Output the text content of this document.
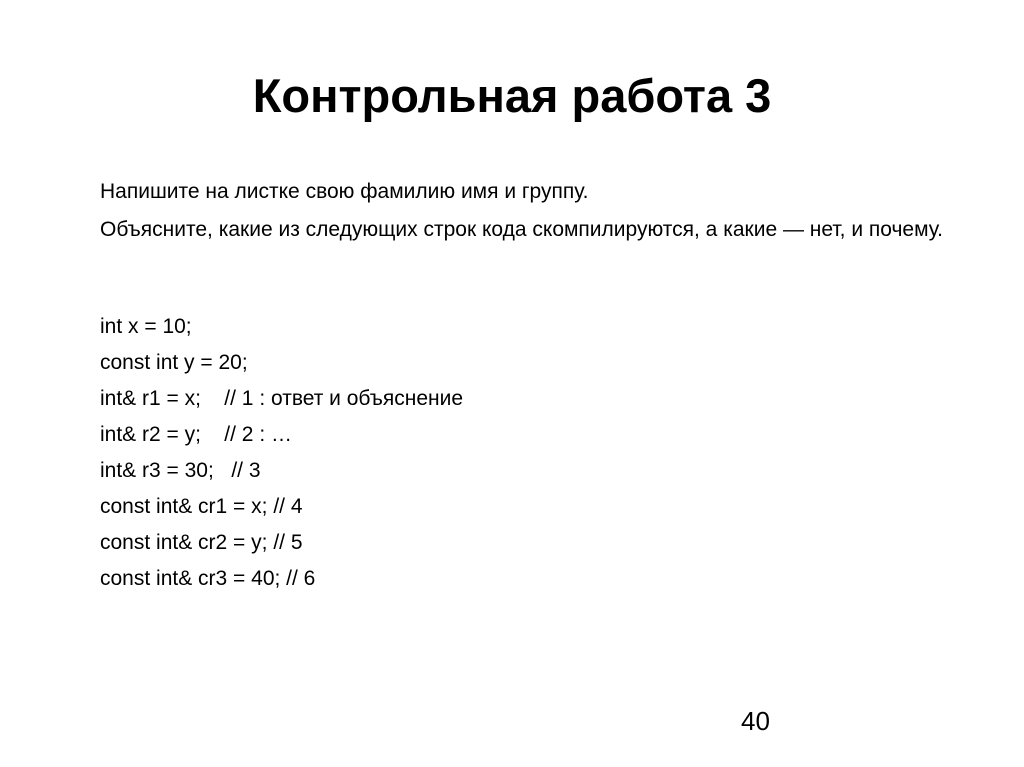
Контрольная работа 3
Напишите на листке свою фамилию имя и группу.
Объясните, какие из следующих строк кода скомпилируются, а какие — нет, и почему.
int x = 10;
const int y = 20;
int& r1 = x;    // 1 : ответ и объяснение
int& r2 = y;    // 2 : …
int& r3 = 30;   // 3
const int& cr1 = x; // 4
const int& cr2 = y; // 5
const int& cr3 = 40; // 6
40
